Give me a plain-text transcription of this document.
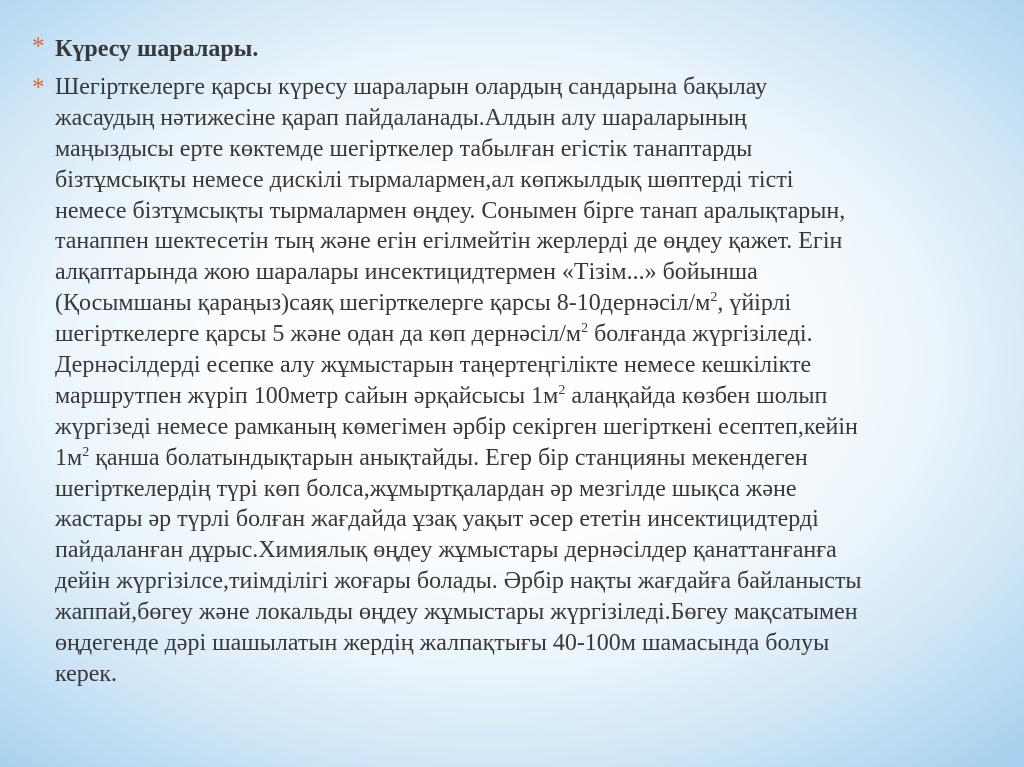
* Күресу шаралары.
* Шегірткелерге қарсы күресу шараларын олардың сандарына бақылау
жасаудың нәтижесіне қарап пайдаланады.Алдын алу шараларының
маңыздысы ерте көктемде шегірткелер табылған егістік танаптарды
бізтұмсықты немесе дискілі тырмалармен,ал көпжылдық шөптерді тісті
немесе бізтұмсықты тырмалармен өңдеу. Сонымен бірге танап аралықтарын,
танаппен шектесетін тың және егін егілмейтін жерлерді де өңдеу қажет. Егін
алқаптарында жою шаралары инсектицидтермен «Тізім...» бойынша
(Қосымшаны қараңыз)саяқ шегірткелерге қарсы $8-10дернәсіл/м^2$, үйірлі
шегірткелерге қарсы 5 және одан да көп дернәсіл/$м^2$ болғанда жүргізіледі.
Дернәсілдерді есепке алу жұмыстарын таңертеңгілікте немесе кешкілікте
маршрутпен жүріп 100метр сайын әрқайсысы $1м^2$ алаңқайда көзбен шолып
жүргізеді немесе рамканың көмегімен әрбір секірген шегірткені есептеп,кейін
$1м^2$ қанша болатындықтарын анықтайды. Егер бір станцияны мекендеген
шегірткелердің түрі көп болса,жұмыртқалардан әр мезгілде шықса және
жастары әр түрлі болған жағдайда ұзақ уақыт әсер ететін инсектицидтерді
пайдаланған дұрыс.Химиялық өңдеу жұмыстары дернәсілдер қанаттанғанға
дейін жүргізілсе,тиімділігі жоғары болады. Әрбір нақты жағдайға байланысты
жаппай,бөгеу және локальды өңдеу жұмыстары жүргізіледі.Бөгеу мақсатымен
өңдегенде дәрі шашылатын жердің жалпақтығы 40-100м шамасында болуы
керек.
